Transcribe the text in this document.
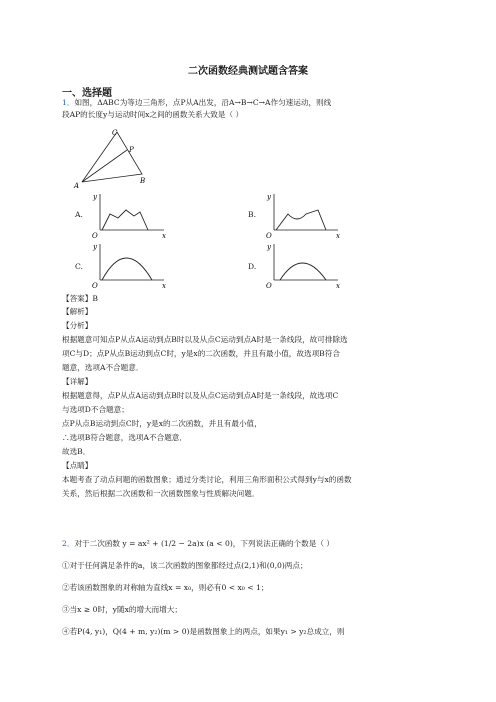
二次函数经典测试题含答案
一、选择题
1．如图，ΔABC为等边三角形，点P从A出发，沿A→B→C→A作匀速运动，则线
段AP的长度y与运动时间x之间的函数关系大致是（ ）
C
P
A
B
A.
y
x
O
B.
y
x
O
C.
y
x
O
D.
y
x
O
【答案】B
【解析】
【分析】
根据题意可知点P从点A运动到点B时以及从点C运动到点A时是一条线段，故可排除选
项C与D；点P从点B运动到点C时，y是x的二次函数，并且有最小值，故选项B符合
题意，选项A不合题意．
【详解】
根据题意得，点P从点A运动到点B时以及从点C运动到点A时是一条线段，故选项C
与选项D不合题意；
点P从点B运动到点C时，y是x的二次函数，并且有最小值，
∴选项B符合题意，选项A不合题意．
故选B．
【点睛】
本题考查了动点问题的函数图象；通过分类讨论，利用三角形面积公式得到y与x的函数
关系，然后根据二次函数和一次函数图象与性质解决问题．
2．对于二次函数 y = ax² + (1/2 − 2a)x (a < 0)，下列说法正确的个数是（ ）
①对于任何满足条件的a，该二次函数的图象都经过点(2,1)和(0,0)两点；
②若该函数图象的对称轴为直线x = x₀，则必有0 < x₀ < 1；
③当x ≥ 0时，y随x的增大而增大；
④若P(4, y₁)，Q(4 + m, y₂)(m > 0)是函数图象上的两点，如果y₁ > y₂总成立，则
